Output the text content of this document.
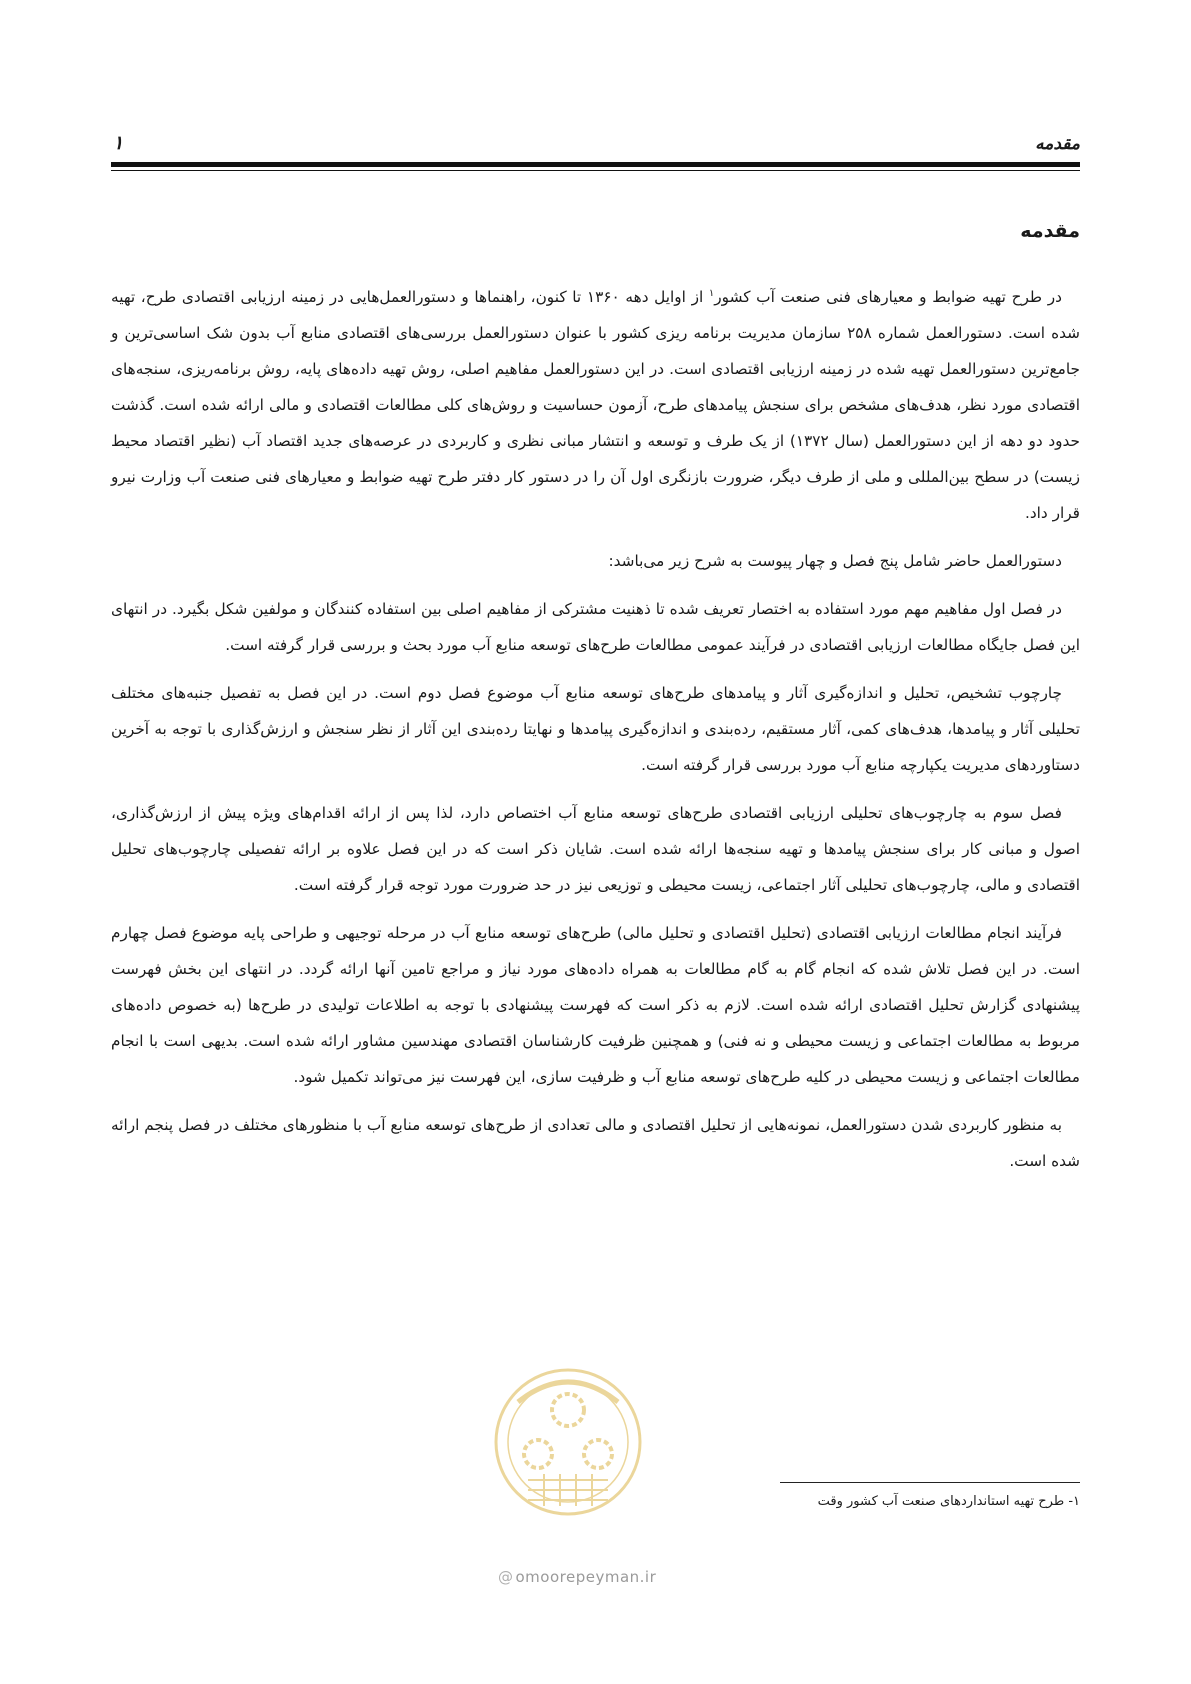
مقدمه
۱
مقدمه

در طرح تهیه ضوابط و معیارهای فنی صنعت آب کشور$^۱$ از اوایل دهه ۱۳۶۰ تا کنون، راهنماها و دستورالعمل‌هایی در زمینه ارزیابی اقتصادی طرح، تهیه شده است. دستورالعمل شماره ۲۵۸ سازمان مدیریت برنامه ریزی کشور با عنوان دستورالعمل بررسی‌های اقتصادی منابع آب بدون شک اساسی‌ترین و جامع‌ترین دستورالعمل تهیه شده در زمینه ارزیابی اقتصادی است. در این دستورالعمل مفاهیم اصلی، روش تهیه داده‌های پایه، روش برنامه‌ریزی، سنجه‌های اقتصادی مورد نظر، هدف‌های مشخص برای سنجش پیامدهای طرح، آزمون حساسیت و روش‌های کلی مطالعات اقتصادی و مالی ارائه شده است. گذشت حدود دو دهه از این دستورالعمل (سال ۱۳۷۲) از یک طرف و توسعه و انتشار مبانی نظری و کاربردی در عرصه‌های جدید اقتصاد آب (نظیر اقتصاد محیط زیست) در سطح بین‌المللی و ملی از طرف دیگر، ضرورت بازنگری اول آن را در دستور کار دفتر طرح تهیه ضوابط و معیارهای فنی صنعت آب وزارت نیرو قرار داد.

دستورالعمل حاضر شامل پنج فصل و چهار پیوست به شرح زیر می‌باشد:

در فصل اول مفاهیم مهم مورد استفاده به اختصار تعریف شده تا ذهنیت مشترکی از مفاهیم اصلی بین استفاده کنندگان و مولفین شکل بگیرد. در انتهای این فصل جایگاه مطالعات ارزیابی اقتصادی در فرآیند عمومی مطالعات طرح‌های توسعه منابع آب مورد بحث و بررسی قرار گرفته است.

چارچوب تشخیص، تحلیل و اندازه‌گیری آثار و پیامدهای طرح‌های توسعه منابع آب موضوع فصل دوم است. در این فصل به تفصیل جنبه‌های مختلف تحلیلی آثار و پیامدها، هدف‌های کمی، آثار مستقیم، رده‌بندی و اندازه‌گیری پیامدها و نهایتا رده‌بندی این آثار از نظر سنجش و ارزش‌گذاری با توجه به آخرین دستاوردهای مدیریت یکپارچه منابع آب مورد بررسی قرار گرفته است.

فصل سوم به چارچوب‌های تحلیلی ارزیابی اقتصادی طرح‌های توسعه منابع آب اختصاص دارد، لذا پس از ارائه اقدام‌های ویژه پیش از ارزش‌گذاری، اصول و مبانی کار برای سنجش پیامدها و تهیه سنجه‌ها ارائه شده است. شایان ذکر است که در این فصل علاوه بر ارائه تفصیلی چارچوب‌های تحلیل اقتصادی و مالی، چارچوب‌های تحلیلی آثار اجتماعی، زیست محیطی و توزیعی نیز در حد ضرورت مورد توجه قرار گرفته است.

فرآیند انجام مطالعات ارزیابی اقتصادی (تحلیل اقتصادی و تحلیل مالی) طرح‌های توسعه منابع آب در مرحله توجیهی و طراحی پایه موضوع فصل چهارم است. در این فصل تلاش شده که انجام گام به گام مطالعات به همراه داده‌های مورد نیاز و مراجع تامین آنها ارائه گردد. در انتهای این بخش فهرست پیشنهادی گزارش تحلیل اقتصادی ارائه شده است. لازم به ذکر است که فهرست پیشنهادی با توجه به اطلاعات تولیدی در طرح‌ها (به خصوص داده‌های مربوط به مطالعات اجتماعی و زیست محیطی و نه فنی) و همچنین ظرفیت کارشناسان اقتصادی مهندسین مشاور ارائه شده است. بدیهی است با انجام مطالعات اجتماعی و زیست محیطی در کلیه طرح‌های توسعه منابع آب و ظرفیت سازی، این فهرست نیز می‌تواند تکمیل شود.

به منظور کاربردی شدن دستورالعمل، نمونه‌هایی از تحلیل اقتصادی و مالی تعدادی از طرح‌های توسعه منابع آب با منظورهای مختلف در فصل پنجم ارائه شده است.

۱- طرح تهیه استانداردهای صنعت آب کشور وقت
@ omoorepeyman.ir
